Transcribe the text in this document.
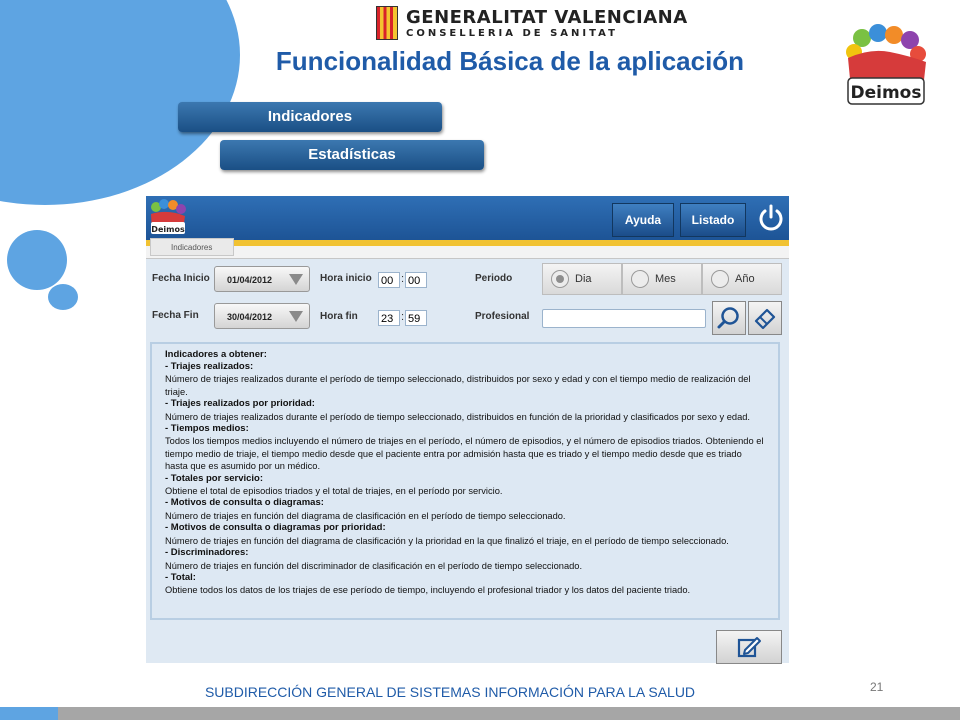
GENERALITAT VALENCIANA
CONSELLERIA DE SANITAT
Funcionalidad Básica de la aplicación
Deimos
Indicadores
Estadísticas
Deimos
Ayuda	Listado
Indicadores
Fecha Inicio	01/04/2012
Fecha Fin	30/04/2012
Hora inicio 00 : 00
Hora fin 23 : 59
Periodo	Dia	Mes	Año
Profesional
Indicadores a obtener:
- Triajes realizados:
Número de triajes realizados durante el período de tiempo seleccionado, distribuidos por sexo y edad y con el tiempo medio de realización del triaje.
- Triajes realizados por prioridad:
Número de triajes realizados durante el período de tiempo seleccionado, distribuidos en función de la prioridad y clasificados por sexo y edad.
- Tiempos medios:
Todos los tiempos medios incluyendo el número de triajes en el período, el número de episodios, y el número de episodios triados. Obteniendo el tiempo medio de triaje, el tiempo medio desde que el paciente entra por admisión hasta que es triado y el tiempo medio desde que es triado hasta que es asumido por un médico.
- Totales por servicio:
Obtiene el total de episodios triados y el total de triajes, en el período por servicio.
- Motivos de consulta o diagramas:
Número de triajes en función del diagrama de clasificación en el período de tiempo seleccionado.
- Motivos de consulta o diagramas por prioridad:
Número de triajes en función del diagrama de clasificación y la prioridad en la que finalizó el triaje, en el período de tiempo seleccionado.
- Discriminadores:
Número de triajes en función del discriminador de clasificación en el período de tiempo seleccionado.
- Total:
Obtiene todos los datos de los triajes de ese período de tiempo, incluyendo el profesional triador y los datos del paciente triado.
SUBDIRECCIÓN GENERAL DE SISTEMAS INFORMACIÓN PARA LA SALUD	21
